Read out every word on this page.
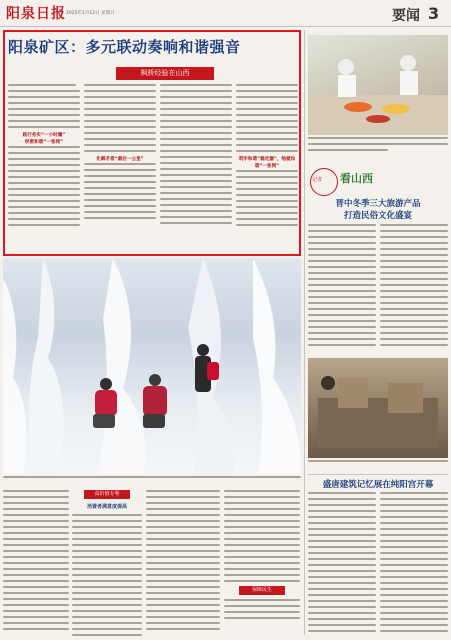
阳泉日报 2025年1月12日 星期日	要闻 3
阳泉矿区：多元联动奏响和谐强音
枫桥经验在山西
践行务实“一小时圈”
织密和谐“一张网”
化解矛盾“最后一公里”	筑牢和谐“稳定器”，绘就和谐“一张网”
记者 看山西
晋中冬季三大旅游产品
打造民俗文化盛宴
盛唐建筑记忆展在纯阳宫开幕
高价值专利
消费者满意度提高
保障民生
